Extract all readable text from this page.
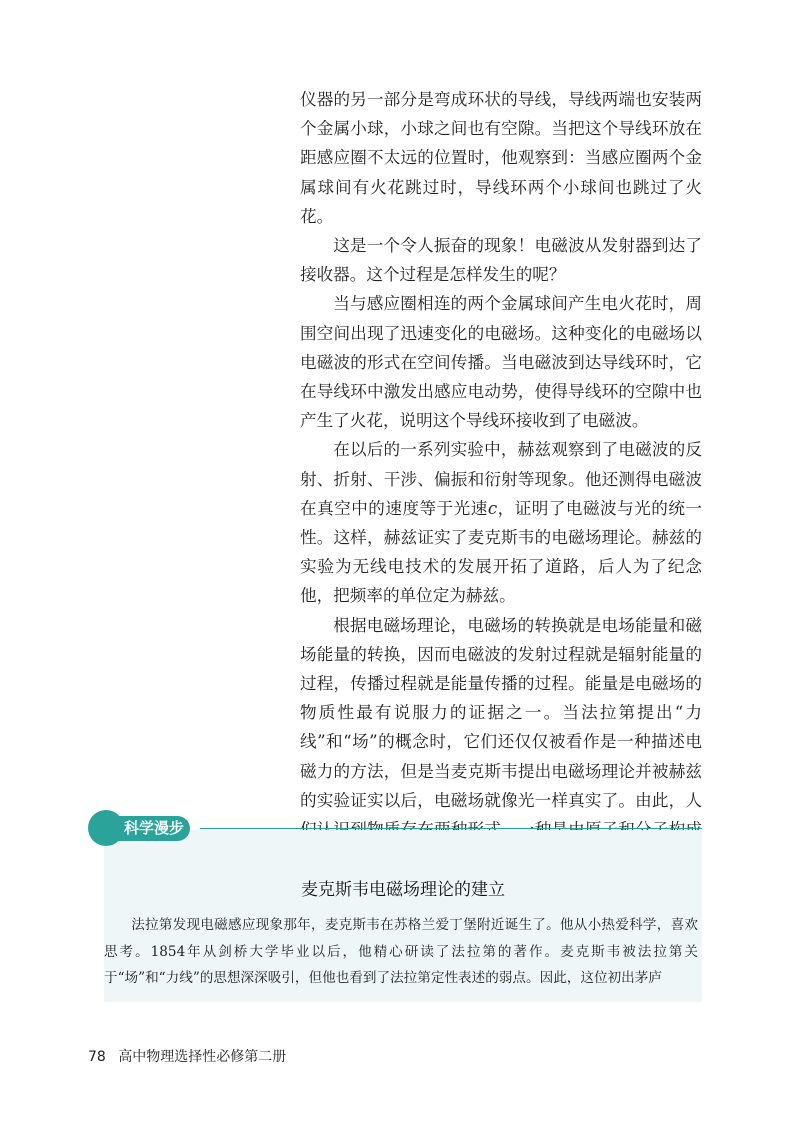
仪器的另一部分是弯成环状的导线，导线两端也安装两个金属小球，小球之间也有空隙。当把这个导线环放在距感应圈不太远的位置时，他观察到：当感应圈两个金属球间有火花跳过时，导线环两个小球间也跳过了火花。

这是一个令人振奋的现象！电磁波从发射器到达了接收器。这个过程是怎样发生的呢？

当与感应圈相连的两个金属球间产生电火花时，周围空间出现了迅速变化的电磁场。这种变化的电磁场以电磁波的形式在空间传播。当电磁波到达导线环时，它在导线环中激发出感应电动势，使得导线环的空隙中也产生了火花，说明这个导线环接收到了电磁波。

在以后的一系列实验中，赫兹观察到了电磁波的反射、折射、干涉、偏振和衍射等现象。他还测得电磁波在真空中的速度等于光速c，证明了电磁波与光的统一性。这样，赫兹证实了麦克斯韦的电磁场理论。赫兹的实验为无线电技术的发展开拓了道路，后人为了纪念他，把频率的单位定为赫兹。

根据电磁场理论，电磁场的转换就是电场能量和磁场能量的转换，因而电磁波的发射过程就是辐射能量的过程，传播过程就是能量传播的过程。能量是电磁场的物质性最有说服力的证据之一。当法拉第提出“力线”和“场”的概念时，它们还仅仅被看作是一种描述电磁力的方法，但是当麦克斯韦提出电磁场理论并被赫兹的实验证实以后，电磁场就像光一样真实了。由此，人

麦克斯韦电磁场理论的建立

法拉第发现电磁感应现象那年，麦克斯韦在苏格兰爱丁堡附近诞生了。他从小热爱科学，喜欢思考。1854年从剑桥大学毕业以后，他精心研读了法拉第的著作。麦克斯韦被法拉第关于“场”和“力线”的思想深深吸引，但他也看到了法拉第定性表述的弱点。因此，这位初出茅庐

科学漫步
78 高中物理选择性必修第二册
